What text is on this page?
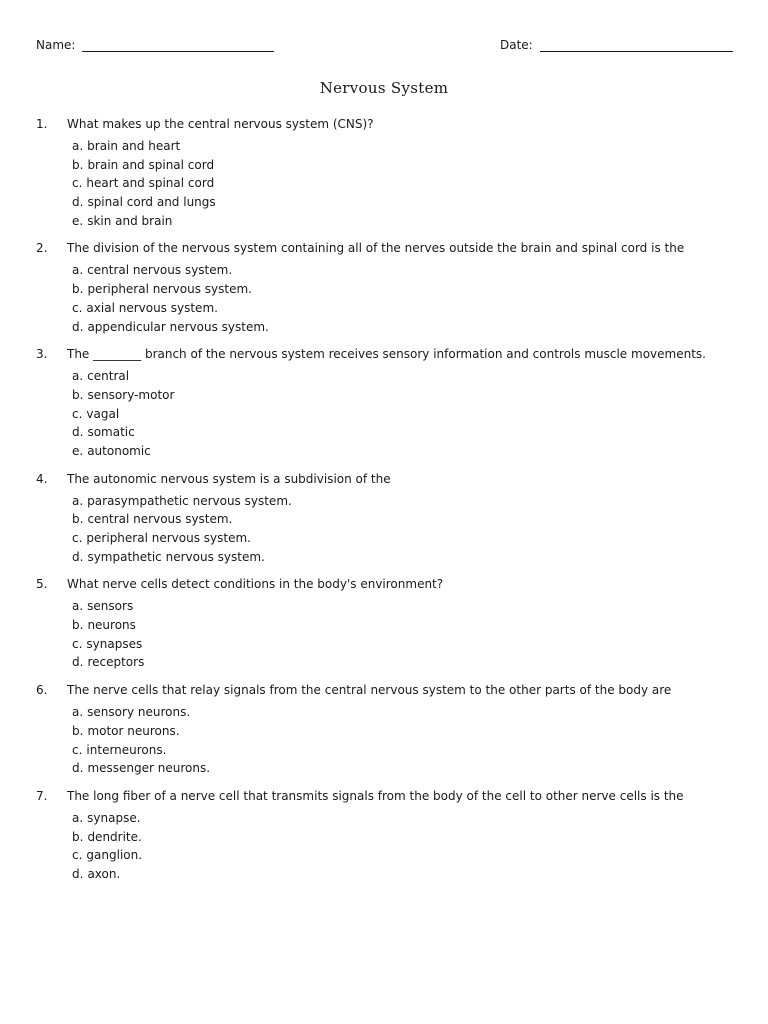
Name:	Date:
Nervous System
1. What makes up the central nervous system (CNS)?
a. brain and heart
b. brain and spinal cord
c. heart and spinal cord
d. spinal cord and lungs
e. skin and brain
2. The division of the nervous system containing all of the nerves outside the brain and spinal cord is the
a. central nervous system.
b. peripheral nervous system.
c. axial nervous system.
d. appendicular nervous system.
3. The ________ branch of the nervous system receives sensory information and controls muscle movements.
a. central
b. sensory-motor
c. vagal
d. somatic
e. autonomic
4. The autonomic nervous system is a subdivision of the
a. parasympathetic nervous system.
b. central nervous system.
c. peripheral nervous system.
d. sympathetic nervous system.
5. What nerve cells detect conditions in the body's environment?
a. sensors
b. neurons
c. synapses
d. receptors
6. The nerve cells that relay signals from the central nervous system to the other parts of the body are
a. sensory neurons.
b. motor neurons.
c. interneurons.
d. messenger neurons.
7. The long fiber of a nerve cell that transmits signals from the body of the cell to other nerve cells is the
a. synapse.
b. dendrite.
c. ganglion.
d. axon.
